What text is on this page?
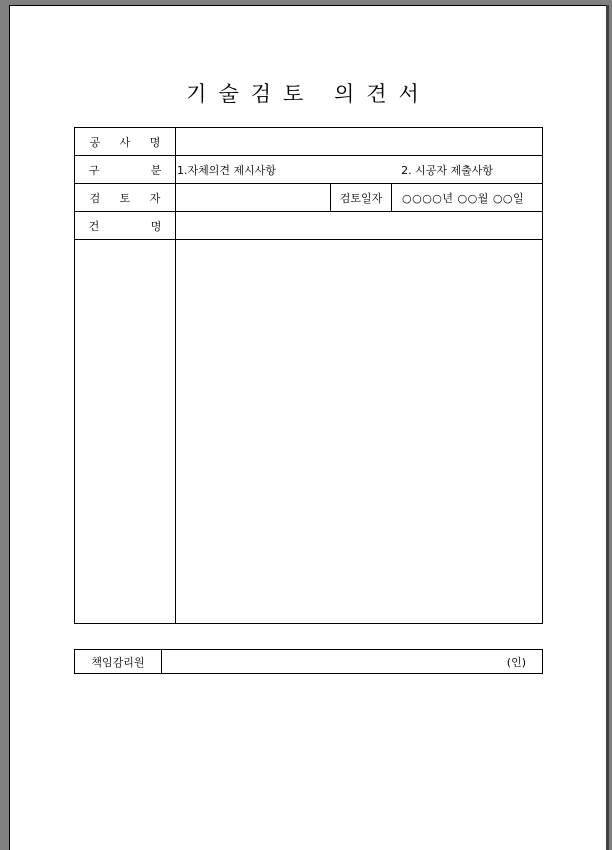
기술검토 의견서
공 사 명			
구 분	1.자체의견 제시사항 2. 시공자 제출사항		

검 토 자		검토일자	○○○○년 ○○월 ○○일
건 명			

책임감리원	(인)
